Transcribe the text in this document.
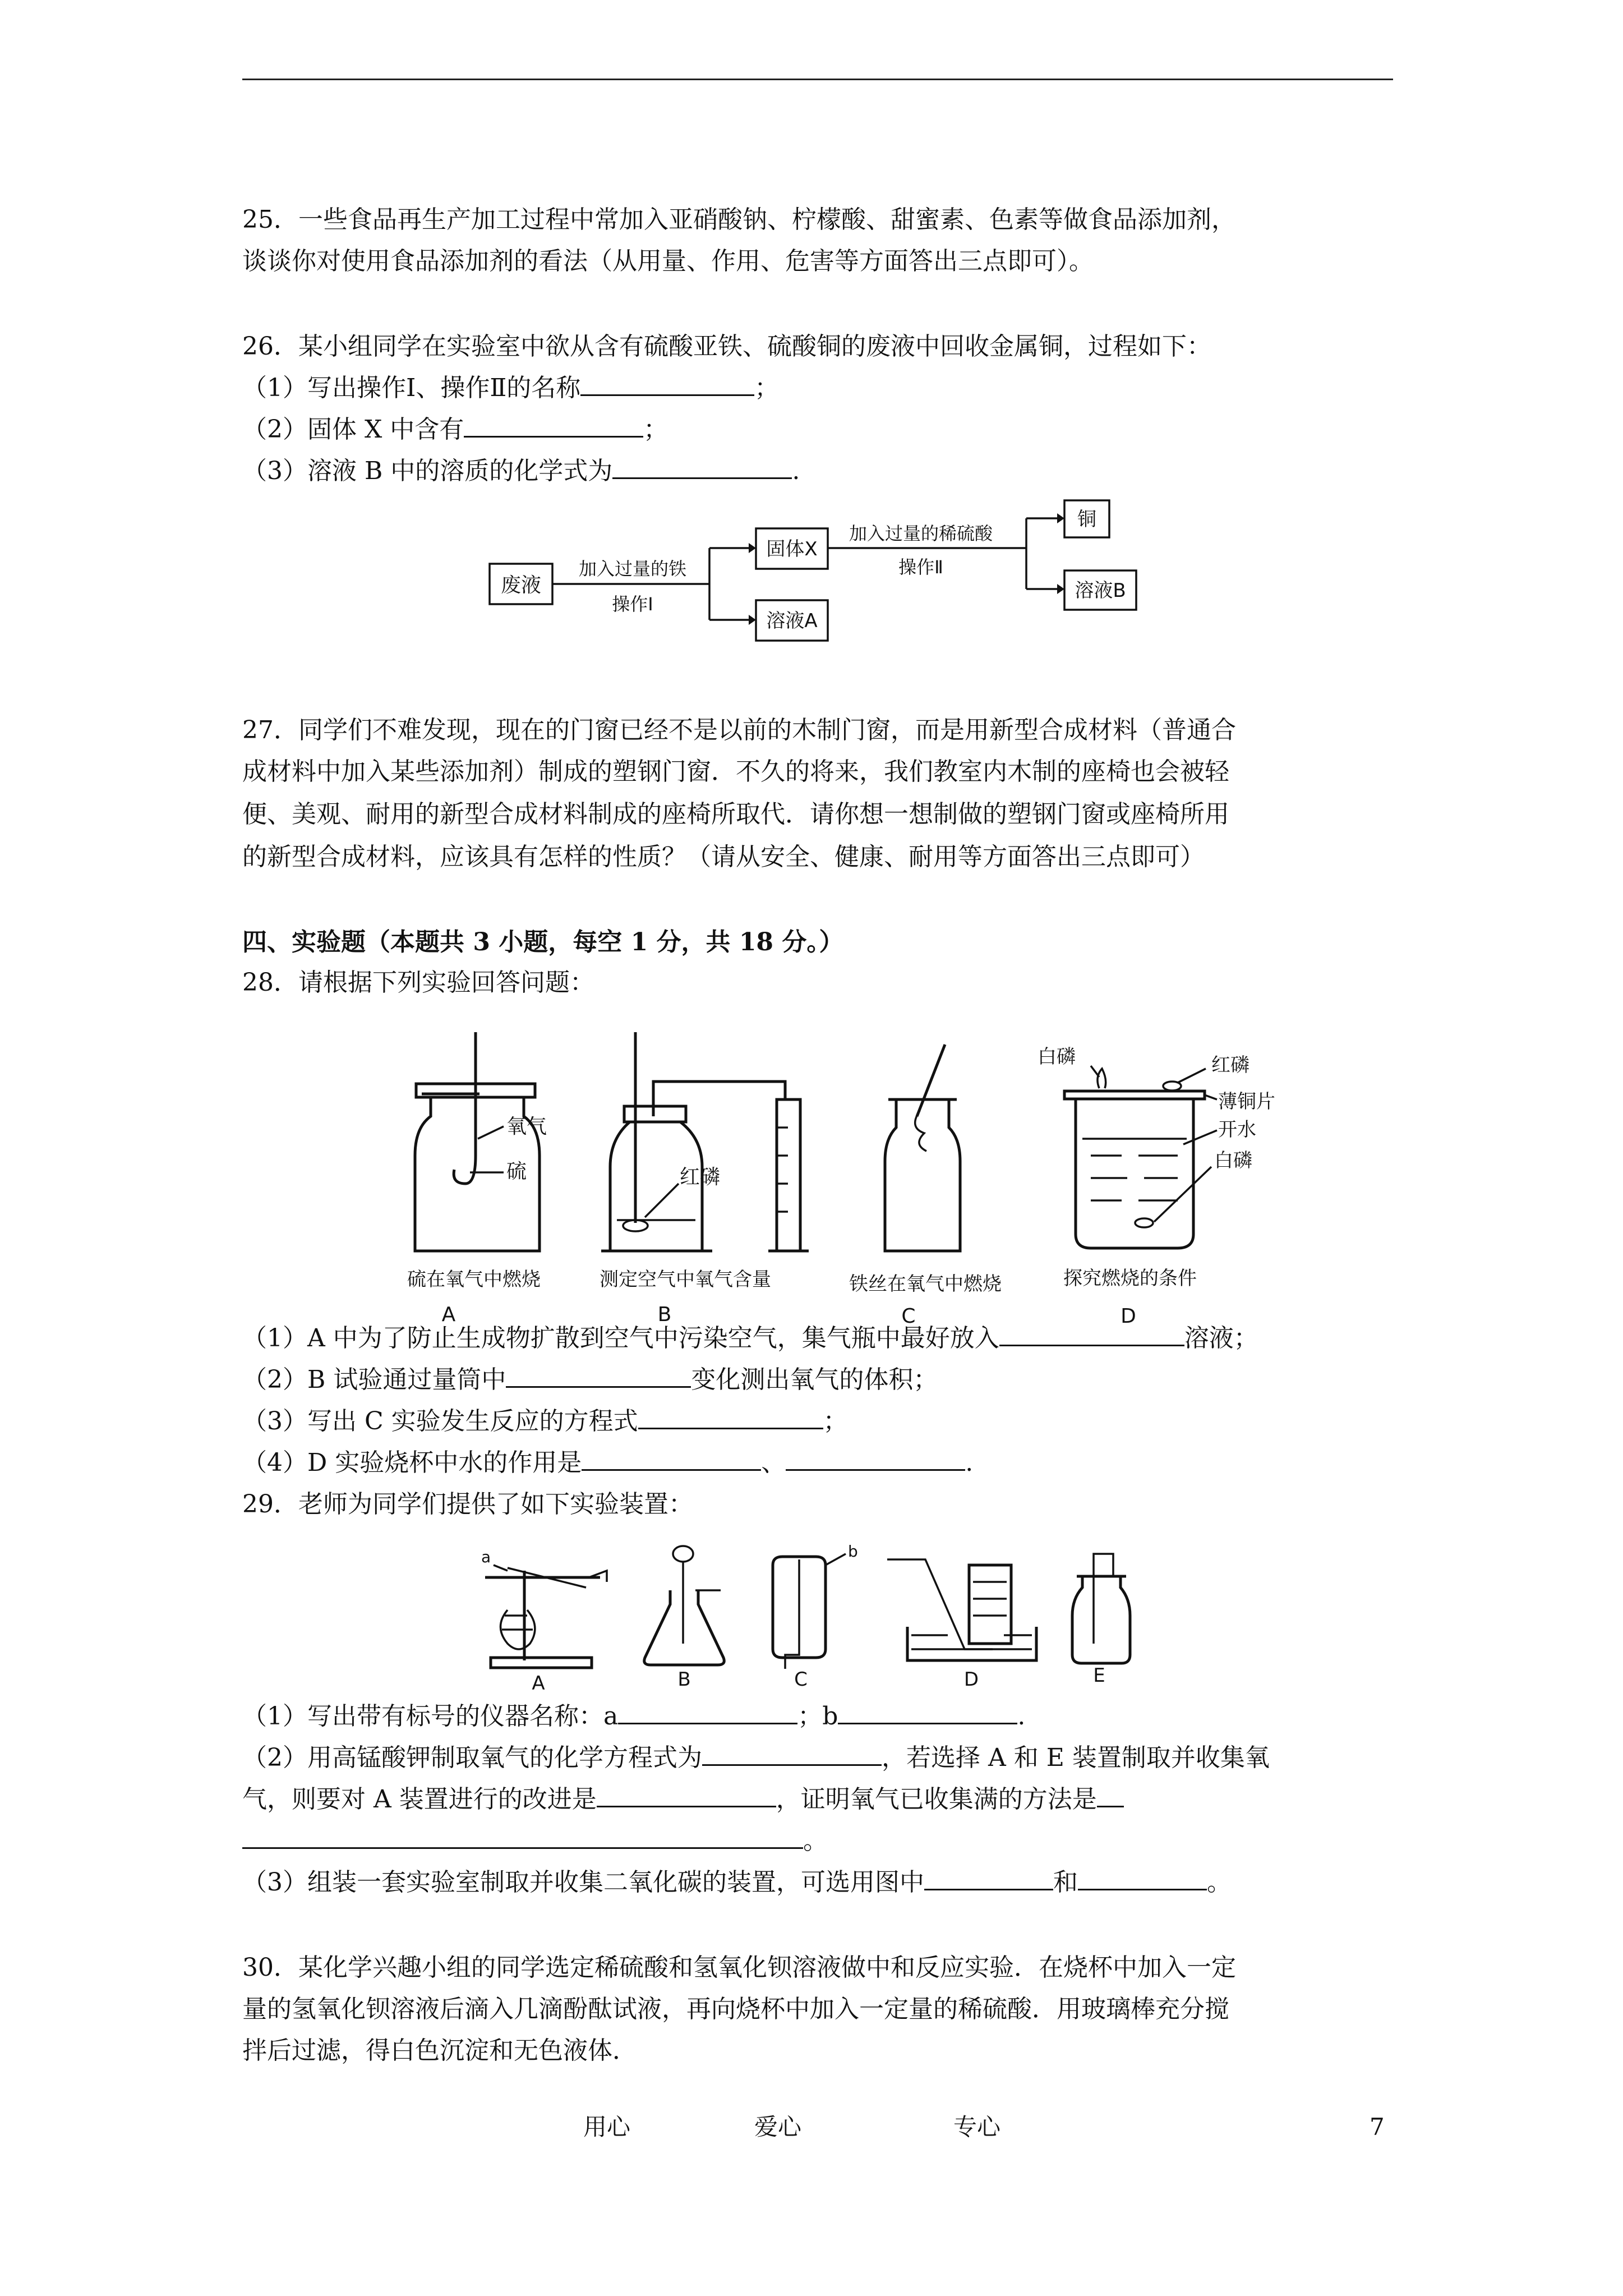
25．一些食品再生产加工过程中常加入亚硝酸钠、柠檬酸、甜蜜素、色素等做食品添加剂，
谈谈你对使用食品添加剂的看法（从用量、作用、危害等方面答出三点即可）。
26．某小组同学在实验室中欲从含有硫酸亚铁、硫酸铜的废液中回收金属铜，过程如下：
（1）写出操作Ⅰ、操作Ⅱ的名称	；
（2）固体 X 中含有	；
（3）溶液 B 中的溶质的化学式为	.
废液
加入过量的铁
操作Ⅰ
固体X
溶液A
加入过量的稀硫酸
操作Ⅱ
铜
溶液B
27．同学们不难发现，现在的门窗已经不是以前的木制门窗，而是用新型合成材料（普通合
成材料中加入某些添加剂）制成的塑钢门窗．不久的将来，我们教室内木制的座椅也会被轻
便、美观、耐用的新型合成材料制成的座椅所取代．请你想一想制做的塑钢门窗或座椅所用
的新型合成材料，应该具有怎样的性质？（请从安全、健康、耐用等方面答出三点即可）
四、实验题（本题共 3 小题，每空 1 分，共 18 分。）
28．请根据下列实验回答问题：
氧气
硫
硫在氧气中燃烧
A
红磷
测定空气中氧气含量
B
铁丝在氧气中燃烧
C
白磷	红磷
薄铜片
开水
白磷
探究燃烧的条件
D
（1）A 中为了防止生成物扩散到空气中污染空气，集气瓶中最好放入	溶液；
（2）B 试验通过量筒中	变化测出氧气的体积；
（3）写出 C 实验发生反应的方程式	；
（4）D 实验烧杯中水的作用是	、	.
29．老师为同学们提供了如下实验装置：
a
A	B
b
C	D	E
（1）写出带有标号的仪器名称：a	；b	.
（2）用高锰酸钾制取氧气的化学方程式为	，若选择 A 和 E 装置制取并收集氧
气，则要对 A 装置进行的改进是	，证明氧气已收集满的方法是
。
（3）组装一套实验室制取并收集二氧化碳的装置，可选用图中	和	。
30．某化学兴趣小组的同学选定稀硫酸和氢氧化钡溶液做中和反应实验．在烧杯中加入一定
量的氢氧化钡溶液后滴入几滴酚酞试液，再向烧杯中加入一定量的稀硫酸．用玻璃棒充分搅
拌后过滤，得白色沉淀和无色液体．
用心	爱心	专心	7
